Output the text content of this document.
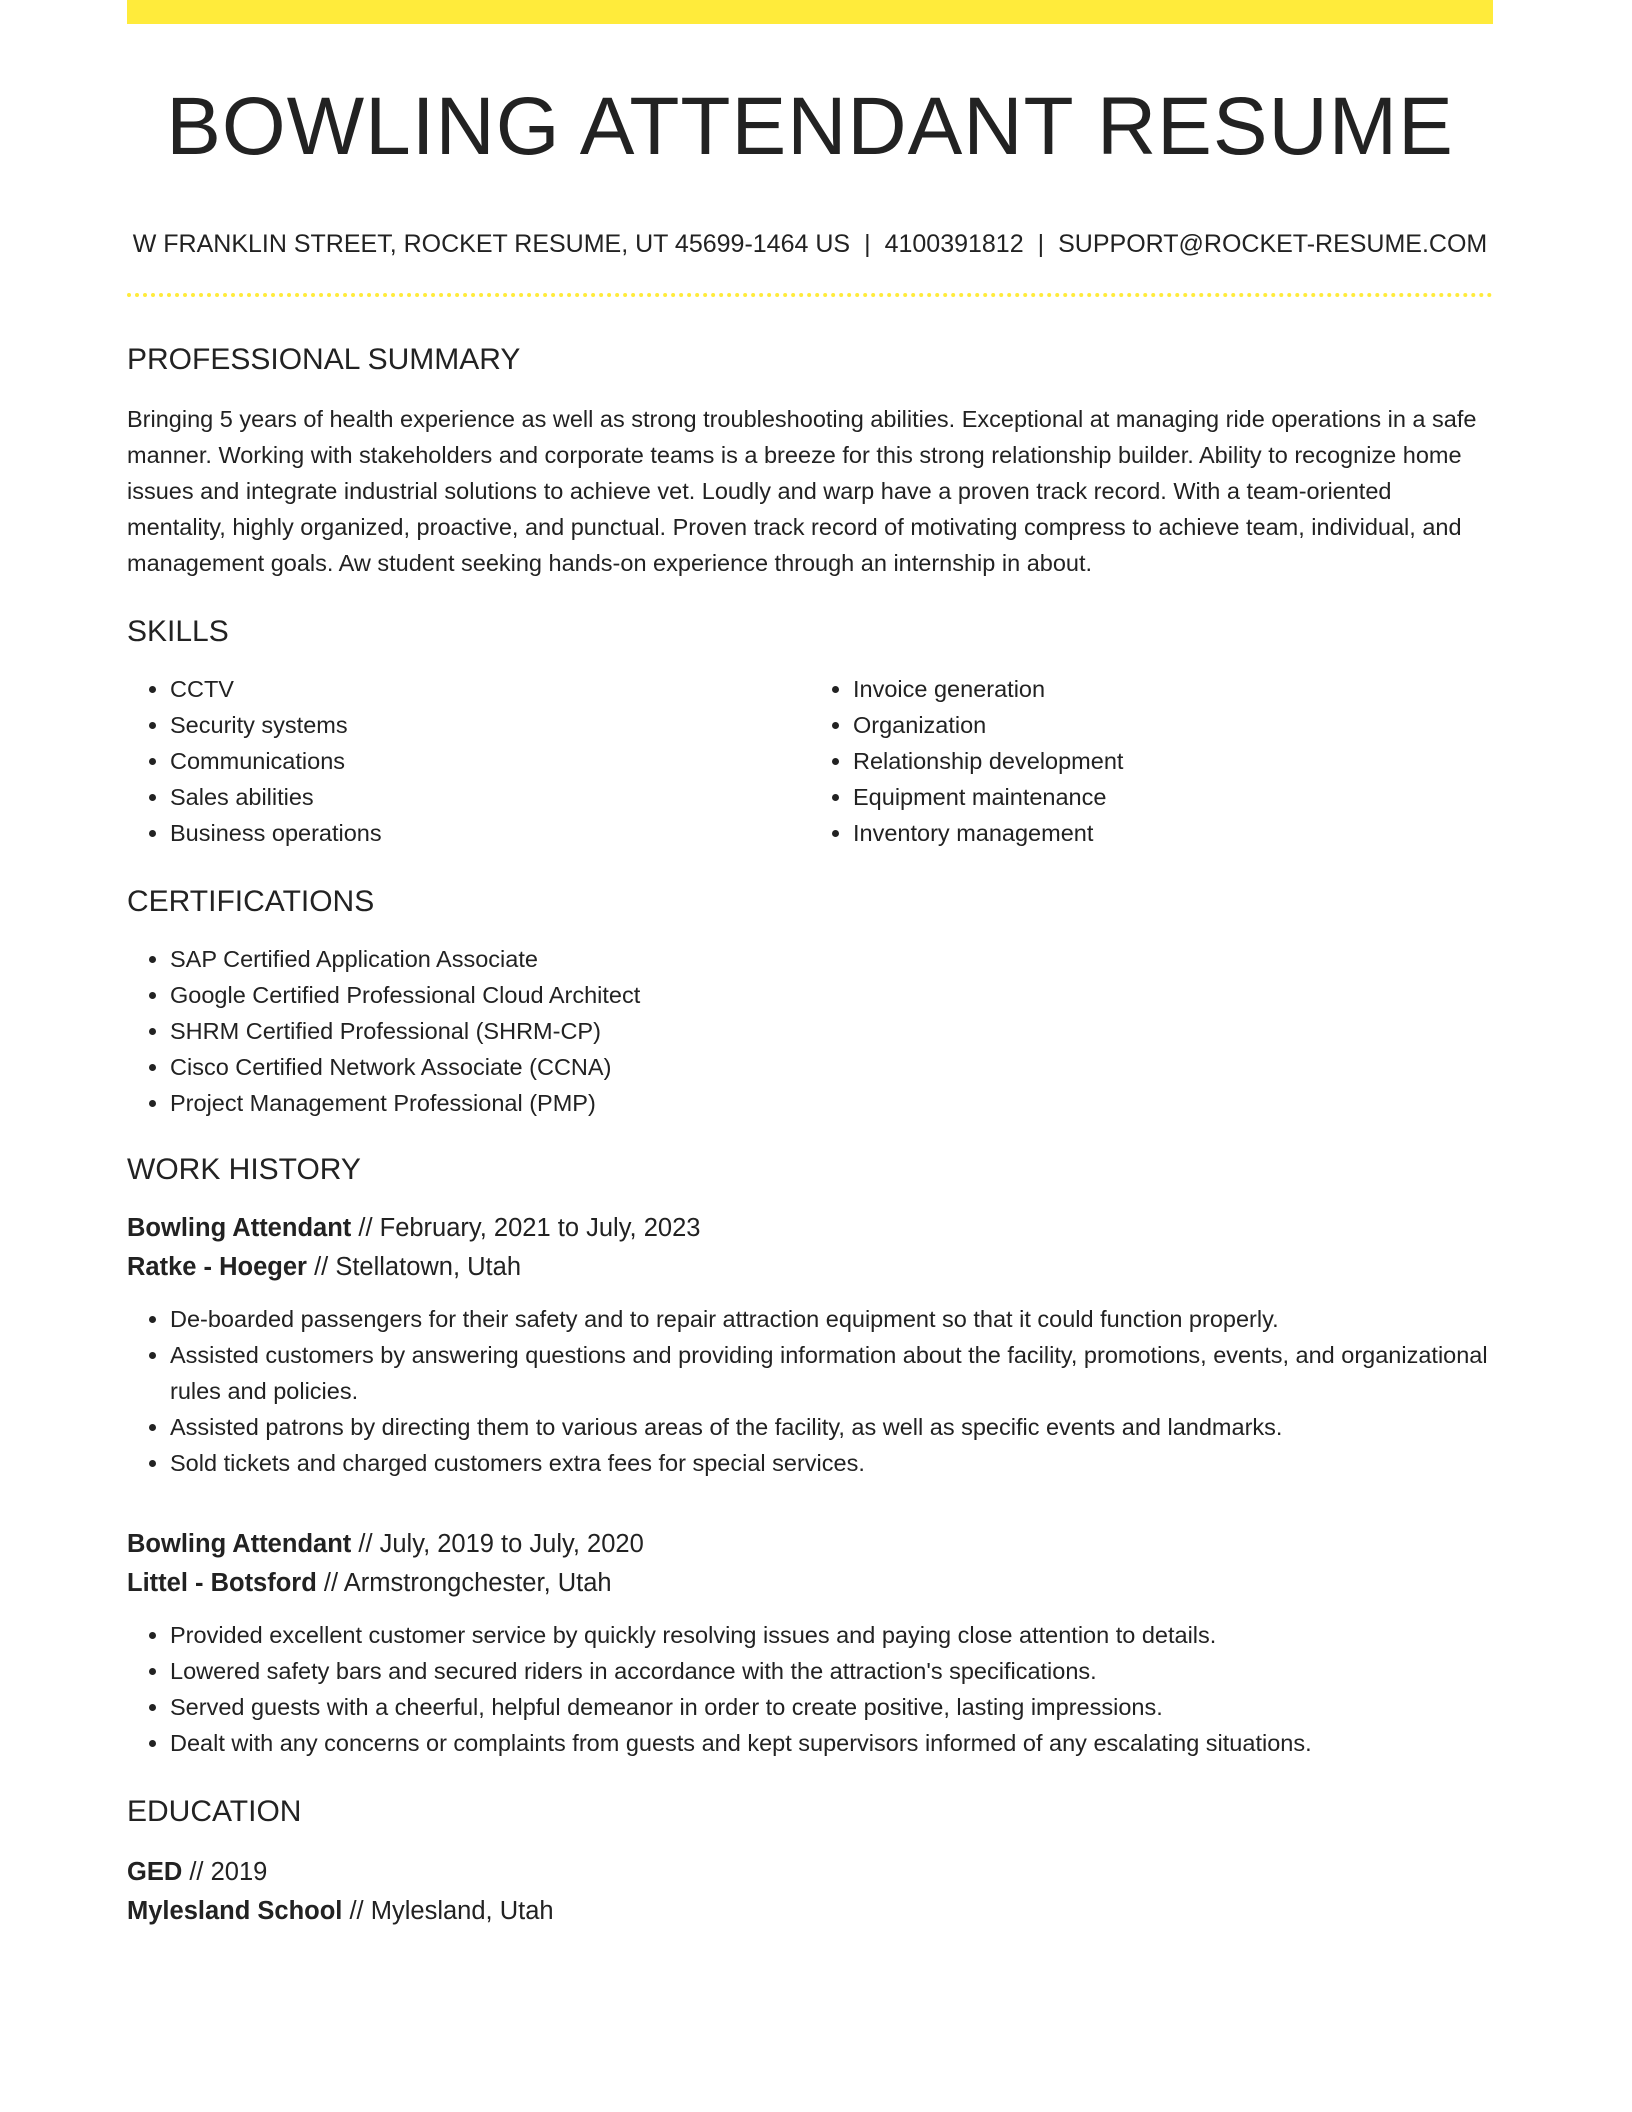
BOWLING ATTENDANT RESUME
W FRANKLIN STREET, ROCKET RESUME, UT 45699-1464 US | 4100391812 | SUPPORT@ROCKET-RESUME.COM
PROFESSIONAL SUMMARY
Bringing 5 years of health experience as well as strong troubleshooting abilities. Exceptional at managing ride operations in a safe manner. Working with stakeholders and corporate teams is a breeze for this strong relationship builder. Ability to recognize home issues and integrate industrial solutions to achieve vet. Loudly and warp have a proven track record. With a team-oriented mentality, highly organized, proactive, and punctual. Proven track record of motivating compress to achieve team, individual, and management goals. Aw student seeking hands-on experience through an internship in about.
SKILLS
• CCTV
• Security systems
• Communications
• Sales abilities
• Business operations
• Invoice generation
• Organization
• Relationship development
• Equipment maintenance
• Inventory management
CERTIFICATIONS
• SAP Certified Application Associate
• Google Certified Professional Cloud Architect
• SHRM Certified Professional (SHRM-CP)
• Cisco Certified Network Associate (CCNA)
• Project Management Professional (PMP)
WORK HISTORY
Bowling Attendant // February, 2021 to July, 2023
Ratke - Hoeger // Stellatown, Utah
• De-boarded passengers for their safety and to repair attraction equipment so that it could function properly.
• Assisted customers by answering questions and providing information about the facility, promotions, events, and organizational rules and policies.
• Assisted patrons by directing them to various areas of the facility, as well as specific events and landmarks.
• Sold tickets and charged customers extra fees for special services.
Bowling Attendant // July, 2019 to July, 2020
Littel - Botsford // Armstrongchester, Utah
• Provided excellent customer service by quickly resolving issues and paying close attention to details.
• Lowered safety bars and secured riders in accordance with the attraction's specifications.
• Served guests with a cheerful, helpful demeanor in order to create positive, lasting impressions.
• Dealt with any concerns or complaints from guests and kept supervisors informed of any escalating situations.
EDUCATION
GED // 2019
Mylesland School // Mylesland, Utah
